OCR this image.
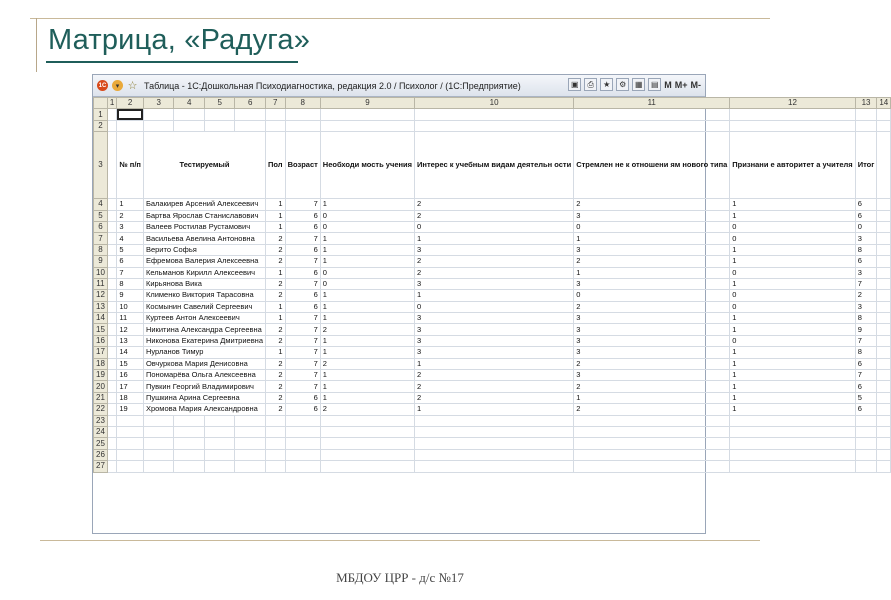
Матрица, «Радуга»
1С	▾ ☆ Таблица - 1С:Дошкольная Психодиагностика, редакция 2.0 / Психолог / (1С:Предприятие)	▣	⎙	★	⚙	▦	▤ M M+ M-
	1	2	3	4	5	6	7	8	9	10	11	12	13	14
1														
2														
3		№ п/п	Тестируемый				Пол	Возраст	Необходи мость учения	Интерес к учебным видам деятельн ости	Стремлен не к отношени ям нового типа	Признани е авторитет а учителя	Итог	
4		1	Балакирев Арсений Алексеевич				1	7	1	2	2	1	6	
5		2	Бартва Ярослав Станиславович				1	6	0	2	3	1	6	
6		3	Валеев Ростилав Рустамович				1	6	0	0	0	0	0	
7		4	Васильева Авелина Антоновна				2	7	1	1	1	0	3	
8		5	Верито Софья				2	6	1	3	3	1	8	
9		6	Ефремова Валерия Алексеевна				2	7	1	2	2	1	6	
10		7	Кельманов Кирилл Алексеевич				1	6	0	2	1	0	3	
11		8	Кирьянова Вика				2	7	0	3	3	1	7	
12		9	Клименко Виктория Тарасовна				2	6	1	1	0	0	2	
13		10	Космынин Савелий Сергеевич				1	6	1	0	2	0	3	
14		11	Куртеев Антон Алексеевич				1	7	1	3	3	1	8	
15		12	Никитина Александра Сергеевна				2	7	2	3	3	1	9	
16		13	Никонова Екатерина Дмитриевна				2	7	1	3	3	0	7	
17		14	Нурланов Тимур				1	7	1	3	3	1	8	
18		15	Овчуркова Мария Денисовна				2	7	2	1	2	1	6	
19		16	Пономарёва Ольга Алексеевна				2	7	1	2	3	1	7	
20		17	Пувкин Георгий Владимирович				2	7	1	2	2	1	6	
21		18	Пушкина Арина Сергеевна				2	6	1	2	1	1	5	
22		19	Хромова Мария Александровна				2	6	2	1	2	1	6	
23														
24														
25														
26														
27														
МБДОУ ЦРР - д/с №17
